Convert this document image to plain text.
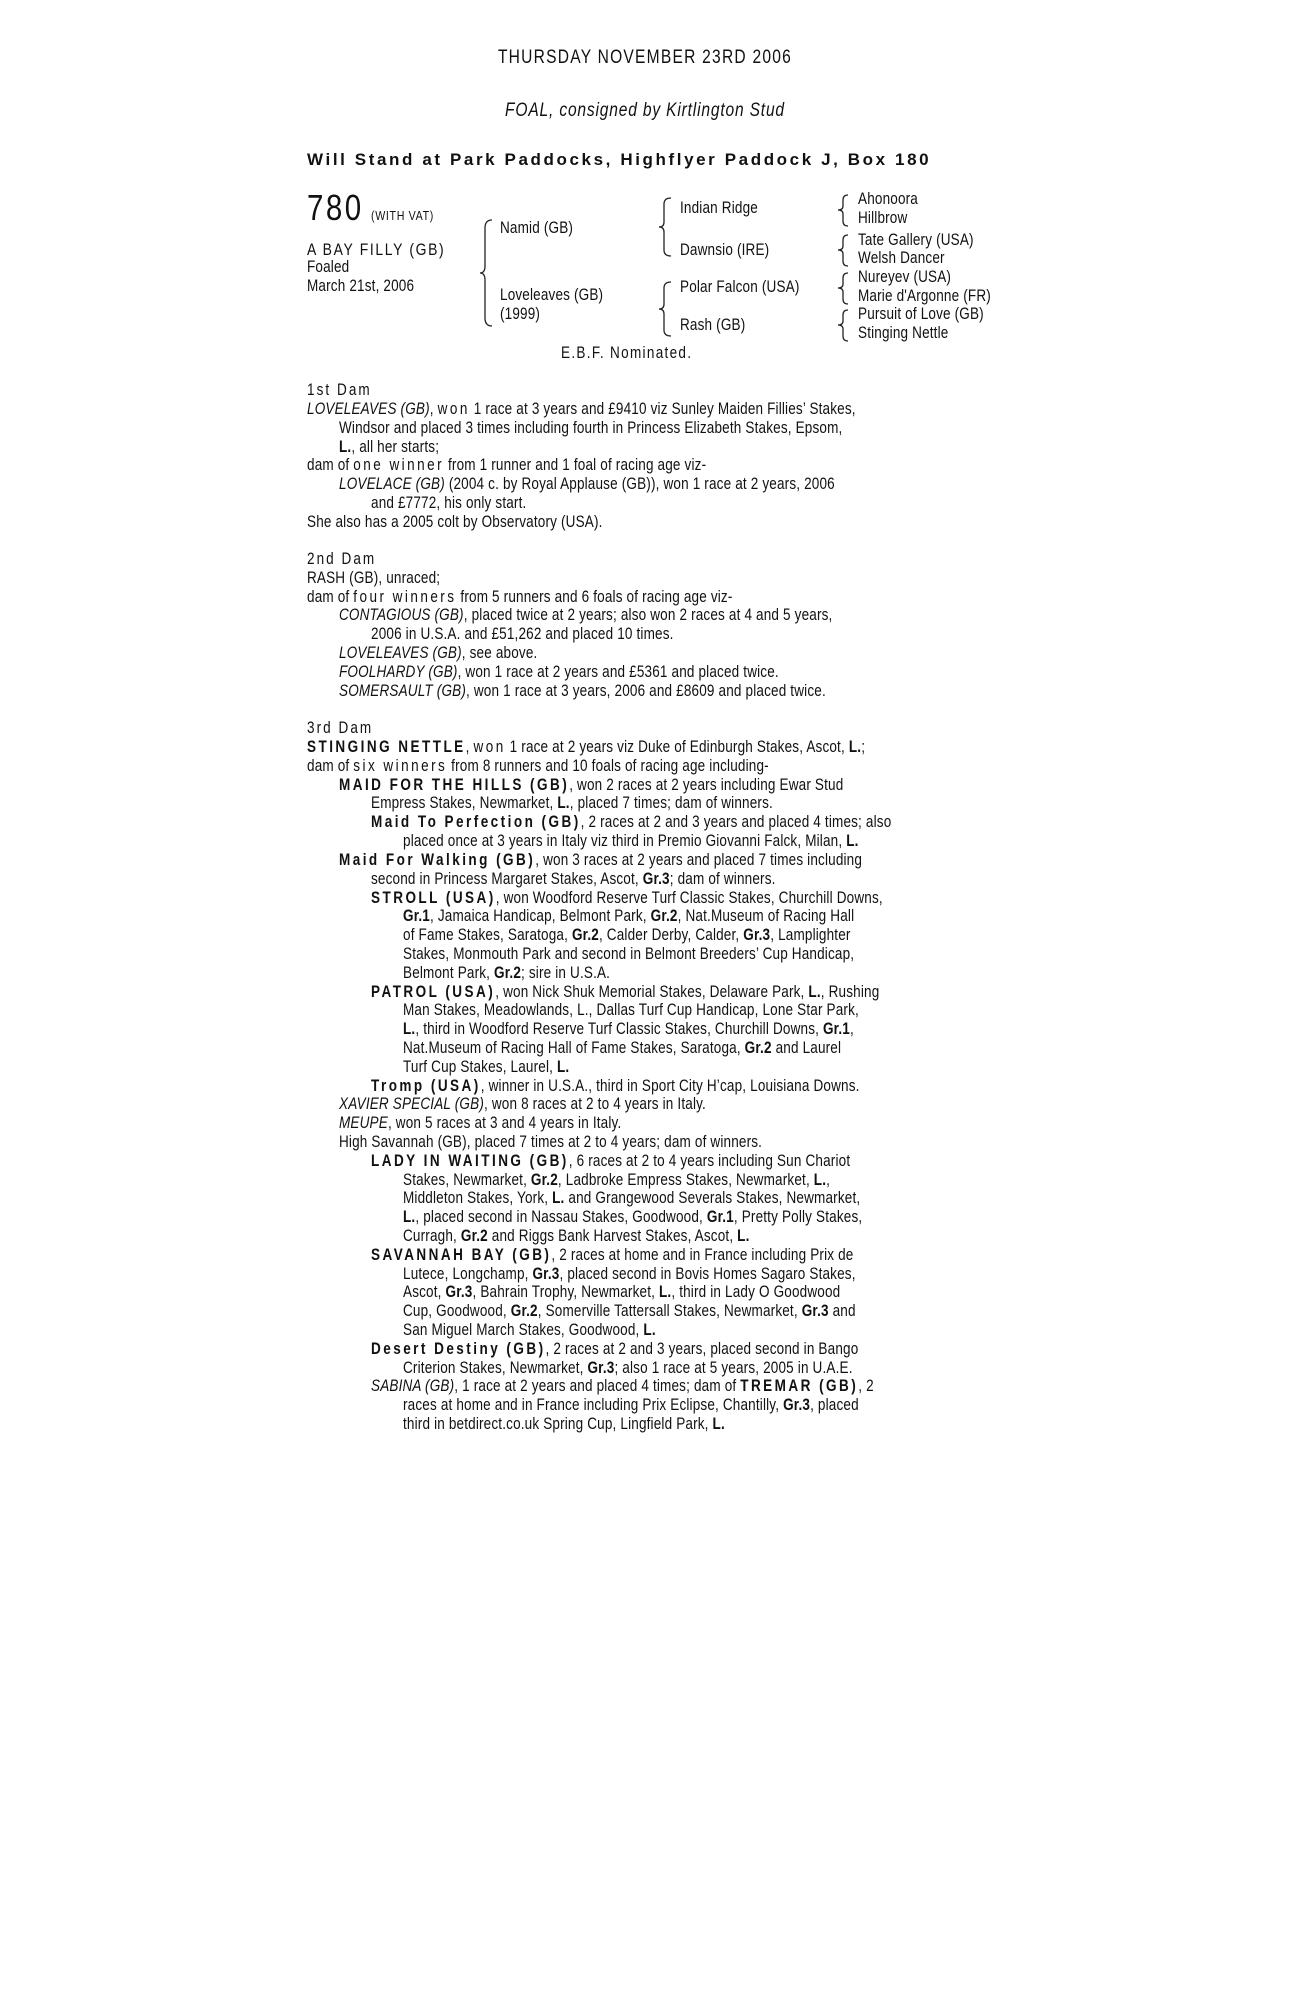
THURSDAY NOVEMBER 23RD 2006
FOAL, consigned by Kirtlington Stud
Will Stand at Park Paddocks, Highflyer Paddock J, Box 180
780 (WITH VAT)
A BAY FILLY (GB)
Foaled
March 21st, 2006
Namid (GB)
Loveleaves (GB)
(1999)
Indian Ridge
Dawnsio (IRE)
Polar Falcon (USA)
Rash (GB)
Ahonoora
Hillbrow
Tate Gallery (USA)
Welsh Dancer
Nureyev (USA)
Marie d'Argonne (FR)
Pursuit of Love (GB)
Stinging Nettle
E.B.F. Nominated.
1st Dam
LOVELEAVES (GB), won 1 race at 3 years and £9410 viz Sunley Maiden Fillies’ Stakes,
Windsor and placed 3 times including fourth in Princess Elizabeth Stakes, Epsom,
L., all her starts;
dam of one winner from 1 runner and 1 foal of racing age viz-
LOVELACE (GB) (2004 c. by Royal Applause (GB)), won 1 race at 2 years, 2006
and £7772, his only start.
She also has a 2005 colt by Observatory (USA).
2nd Dam
RASH (GB), unraced;
dam of four winners from 5 runners and 6 foals of racing age viz-
CONTAGIOUS (GB), placed twice at 2 years; also won 2 races at 4 and 5 years,
2006 in U.S.A. and £51,262 and placed 10 times.
LOVELEAVES (GB), see above.
FOOLHARDY (GB), won 1 race at 2 years and £5361 and placed twice.
SOMERSAULT (GB), won 1 race at 3 years, 2006 and £8609 and placed twice.
3rd Dam
STINGING NETTLE, won 1 race at 2 years viz Duke of Edinburgh Stakes, Ascot, L.;
dam of six winners from 8 runners and 10 foals of racing age including-
MAID FOR THE HILLS (GB), won 2 races at 2 years including Ewar Stud
Empress Stakes, Newmarket, L., placed 7 times; dam of winners.
Maid To Perfection (GB), 2 races at 2 and 3 years and placed 4 times; also
placed once at 3 years in Italy viz third in Premio Giovanni Falck, Milan, L.
Maid For Walking (GB), won 3 races at 2 years and placed 7 times including
second in Princess Margaret Stakes, Ascot, Gr.3; dam of winners.
STROLL (USA), won Woodford Reserve Turf Classic Stakes, Churchill Downs,
Gr.1, Jamaica Handicap, Belmont Park, Gr.2, Nat.Museum of Racing Hall
of Fame Stakes, Saratoga, Gr.2, Calder Derby, Calder, Gr.3, Lamplighter
Stakes, Monmouth Park and second in Belmont Breeders’ Cup Handicap,
Belmont Park, Gr.2; sire in U.S.A.
PATROL (USA), won Nick Shuk Memorial Stakes, Delaware Park, L., Rushing
Man Stakes, Meadowlands, L., Dallas Turf Cup Handicap, Lone Star Park,
L., third in Woodford Reserve Turf Classic Stakes, Churchill Downs, Gr.1,
Nat.Museum of Racing Hall of Fame Stakes, Saratoga, Gr.2 and Laurel
Turf Cup Stakes, Laurel, L.
Tromp (USA), winner in U.S.A., third in Sport City H’cap, Louisiana Downs.
XAVIER SPECIAL (GB), won 8 races at 2 to 4 years in Italy.
MEUPE, won 5 races at 3 and 4 years in Italy.
High Savannah (GB), placed 7 times at 2 to 4 years; dam of winners.
LADY IN WAITING (GB), 6 races at 2 to 4 years including Sun Chariot
Stakes, Newmarket, Gr.2, Ladbroke Empress Stakes, Newmarket, L.,
Middleton Stakes, York, L. and Grangewood Severals Stakes, Newmarket,
L., placed second in Nassau Stakes, Goodwood, Gr.1, Pretty Polly Stakes,
Curragh, Gr.2 and Riggs Bank Harvest Stakes, Ascot, L.
SAVANNAH BAY (GB), 2 races at home and in France including Prix de
Lutece, Longchamp, Gr.3, placed second in Bovis Homes Sagaro Stakes,
Ascot, Gr.3, Bahrain Trophy, Newmarket, L., third in Lady O Goodwood
Cup, Goodwood, Gr.2, Somerville Tattersall Stakes, Newmarket, Gr.3 and
San Miguel March Stakes, Goodwood, L.
Desert Destiny (GB), 2 races at 2 and 3 years, placed second in Bango
Criterion Stakes, Newmarket, Gr.3; also 1 race at 5 years, 2005 in U.A.E.
SABINA (GB), 1 race at 2 years and placed 4 times; dam of TREMAR (GB), 2
races at home and in France including Prix Eclipse, Chantilly, Gr.3, placed
third in betdirect.co.uk Spring Cup, Lingfield Park, L.
